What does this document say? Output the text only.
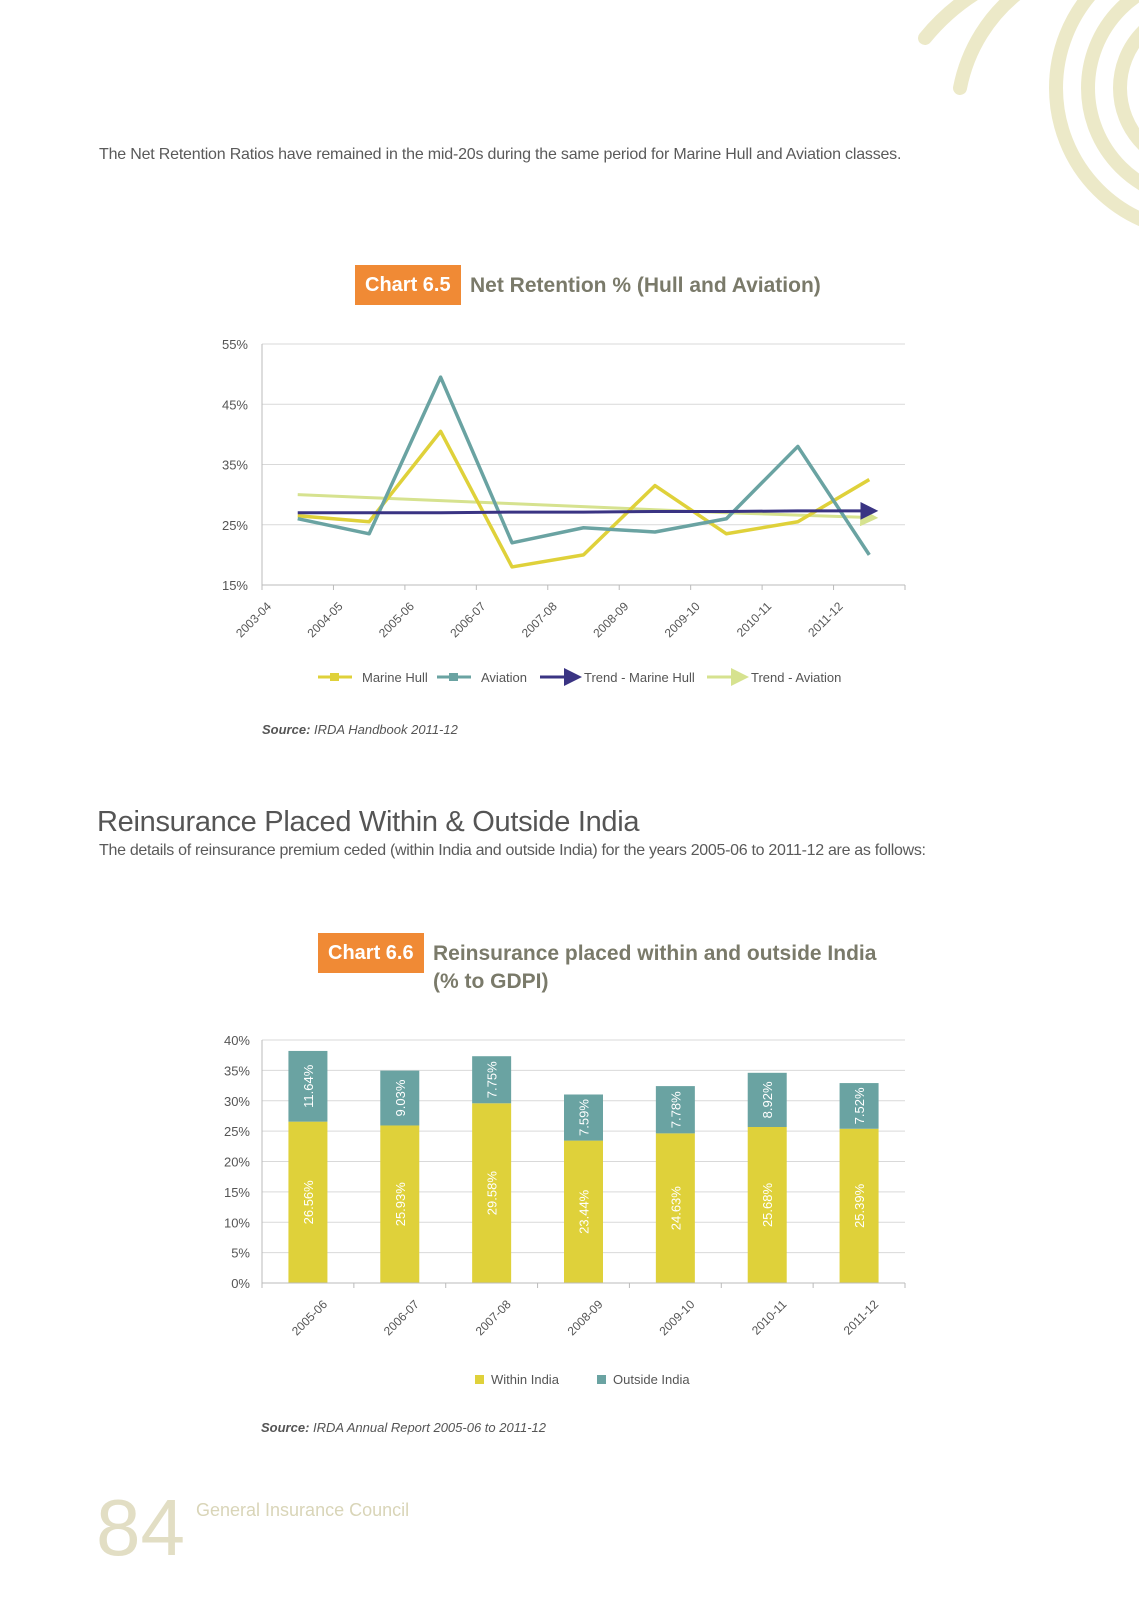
The Net Retention Ratios have remained in the mid-20s during the same period for Marine Hull and Aviation classes.
Chart 6.5 Net Retention % (Hull and Aviation)
55%
45%
35%
25%
15%
2003-04	2004-05	2005-06	2006-07	2007-08	2008-09	2009-10	2010-11	2011-12
Marine Hull	Aviation	Trend - Marine Hull	Trend - Aviation
Source: IRDA Handbook 2011-12
Reinsurance Placed Within & Outside India
The details of reinsurance premium ceded (within India and outside India) for the years 2005-06 to 2011-12 are as follows:
Chart 6.6 Reinsurance placed within and outside India
(% to GDPI)
40%
35%
30%
25%
20%
15%
10%
5%
0%
26.56%
11.64%
2005-06
25.93%
9.03%
2006-07
29.58%
7.75%
2007-08
23.44%
7.59%
2008-09
24.63%
7.78%
2009-10
25.68%
8.92%
2010-11
25.39%
7.52%
2011-12
Within India	Outside India
Source: IRDA Annual Report 2005-06 to 2011-12
84 General Insurance Council
